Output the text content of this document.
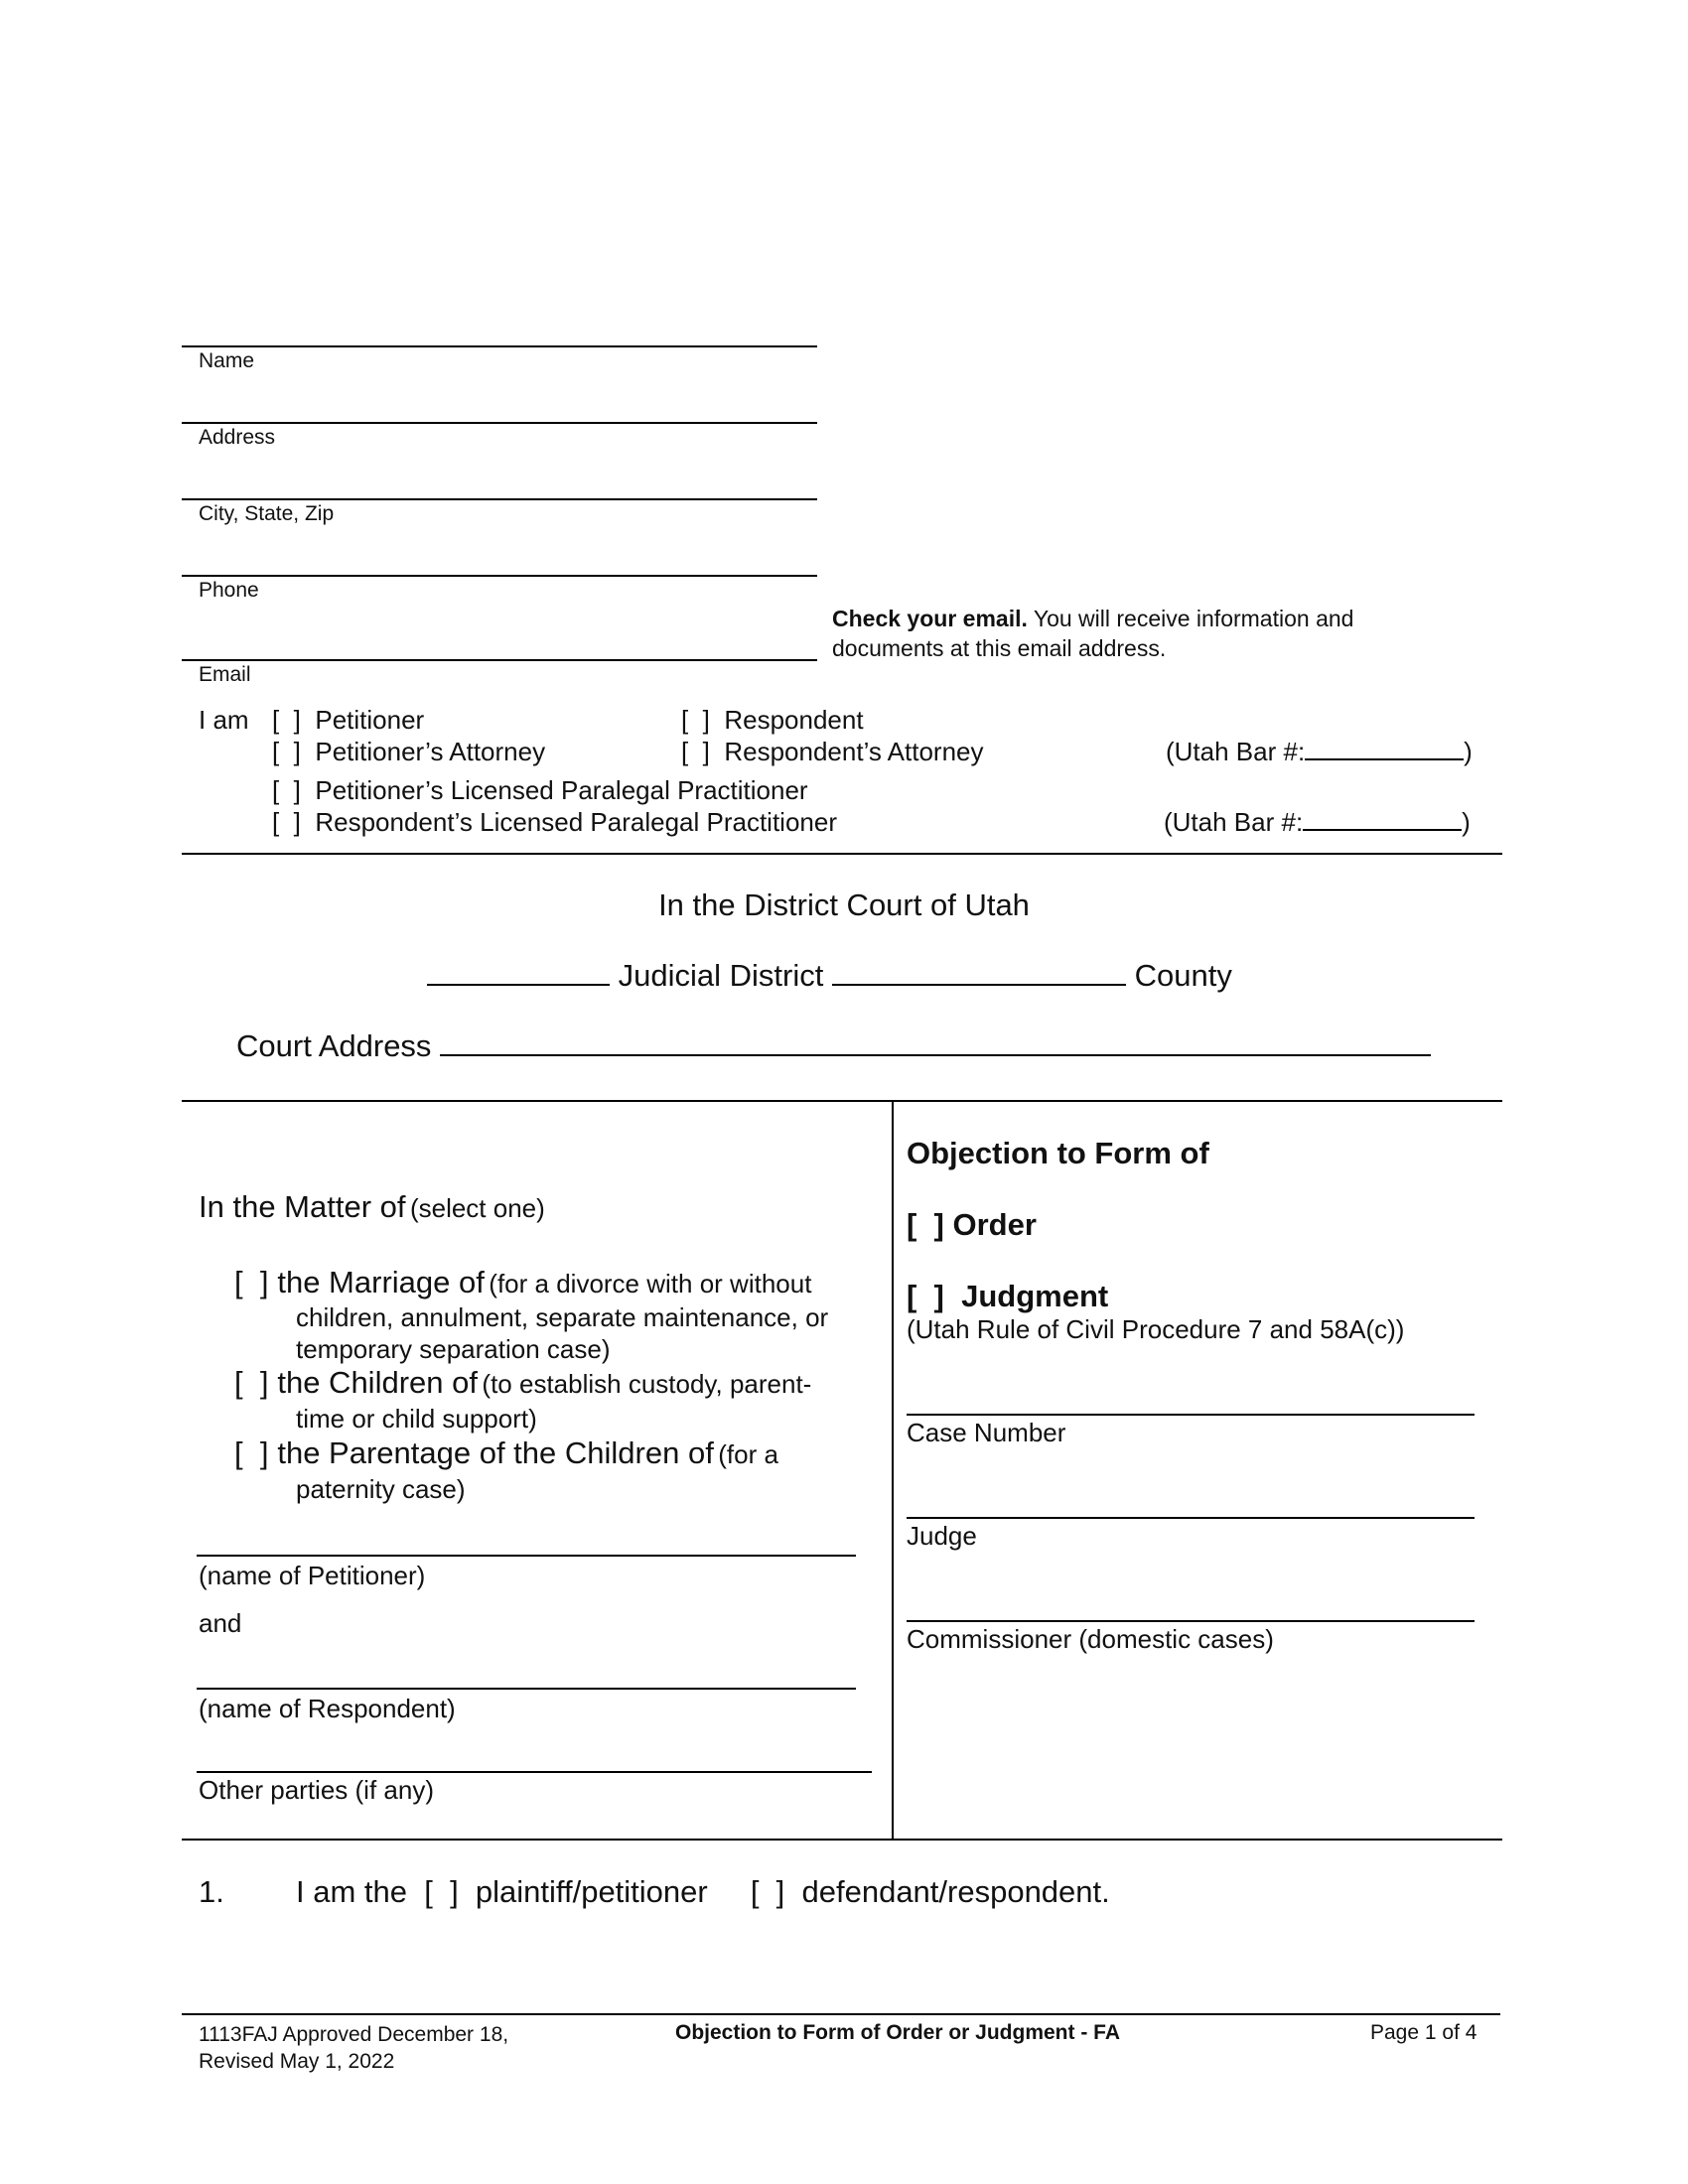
Name
Address
City, State, Zip
Phone
Email
Check your email. You will receive information and
documents at this email address.
I am [  ] Petitioner	[  ] Respondent
[  ] Petitioner’s Attorney	[  ] Respondent’s Attorney	(Utah Bar #:	)
[  ] Petitioner’s Licensed Paralegal Practitioner
[  ] Respondent’s Licensed Paralegal Practitioner	(Utah Bar #:	)
In the District Court of Utah
Judicial District	County
Court Address
In the Matter of (select one)
[  ] the Marriage of (for a divorce with or without
children, annulment, separate maintenance, or
temporary separation case)
[  ] the Children of (to establish custody, parent-
time or child support)
[  ] the Parentage of the Children of (for a
paternity case)
(name of Petitioner)
and
(name of Respondent)
Other parties (if any)
Objection to Form of
[  ] Order
[  ] Judgment
(Utah Rule of Civil Procedure 7 and 58A(c))
Case Number
Judge
Commissioner (domestic cases)
1. I am the [  ] plaintiff/petitioner [  ] defendant/respondent.
1113FAJ Approved December 18,
Revised May 1, 2022
Objection to Form of Order or Judgment - FA	Page 1 of 4
